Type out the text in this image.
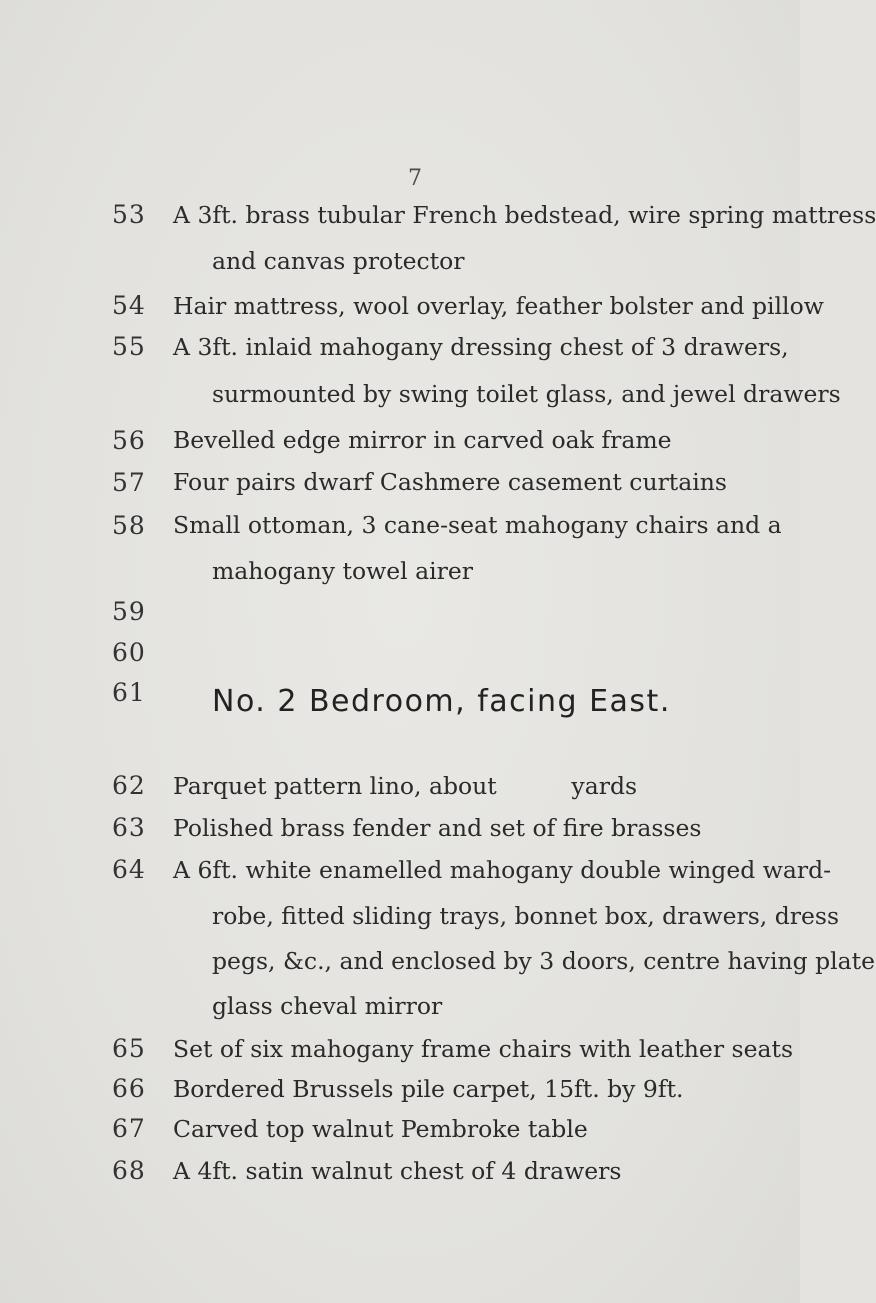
7
53	A 3ft. brass tubular French bedstead, wire spring mattress
and canvas protector
54	Hair mattress, wool overlay, feather bolster and pillow
55	A 3ft. inlaid mahogany dressing chest of 3 drawers,
surmounted by swing toilet glass, and jewel drawers
56	Bevelled edge mirror in carved oak frame
57	Four pairs dwarf Cashmere casement curtains
58	Small ottoman, 3 cane-seat mahogany chairs and a
mahogany towel airer
59
60
61	No. 2 Bedroom, facing East.
62	Parquet pattern lino, about          yards
63	Polished brass fender and set of fire brasses
64	A 6ft. white enamelled mahogany double winged ward-
robe, fitted sliding trays, bonnet box, drawers, dress
pegs, &c., and enclosed by 3 doors, centre having plate
glass cheval mirror
65	Set of six mahogany frame chairs with leather seats
66	Bordered Brussels pile carpet, 15ft. by 9ft.
67	Carved top walnut Pembroke table
68	A 4ft. satin walnut chest of 4 drawers
